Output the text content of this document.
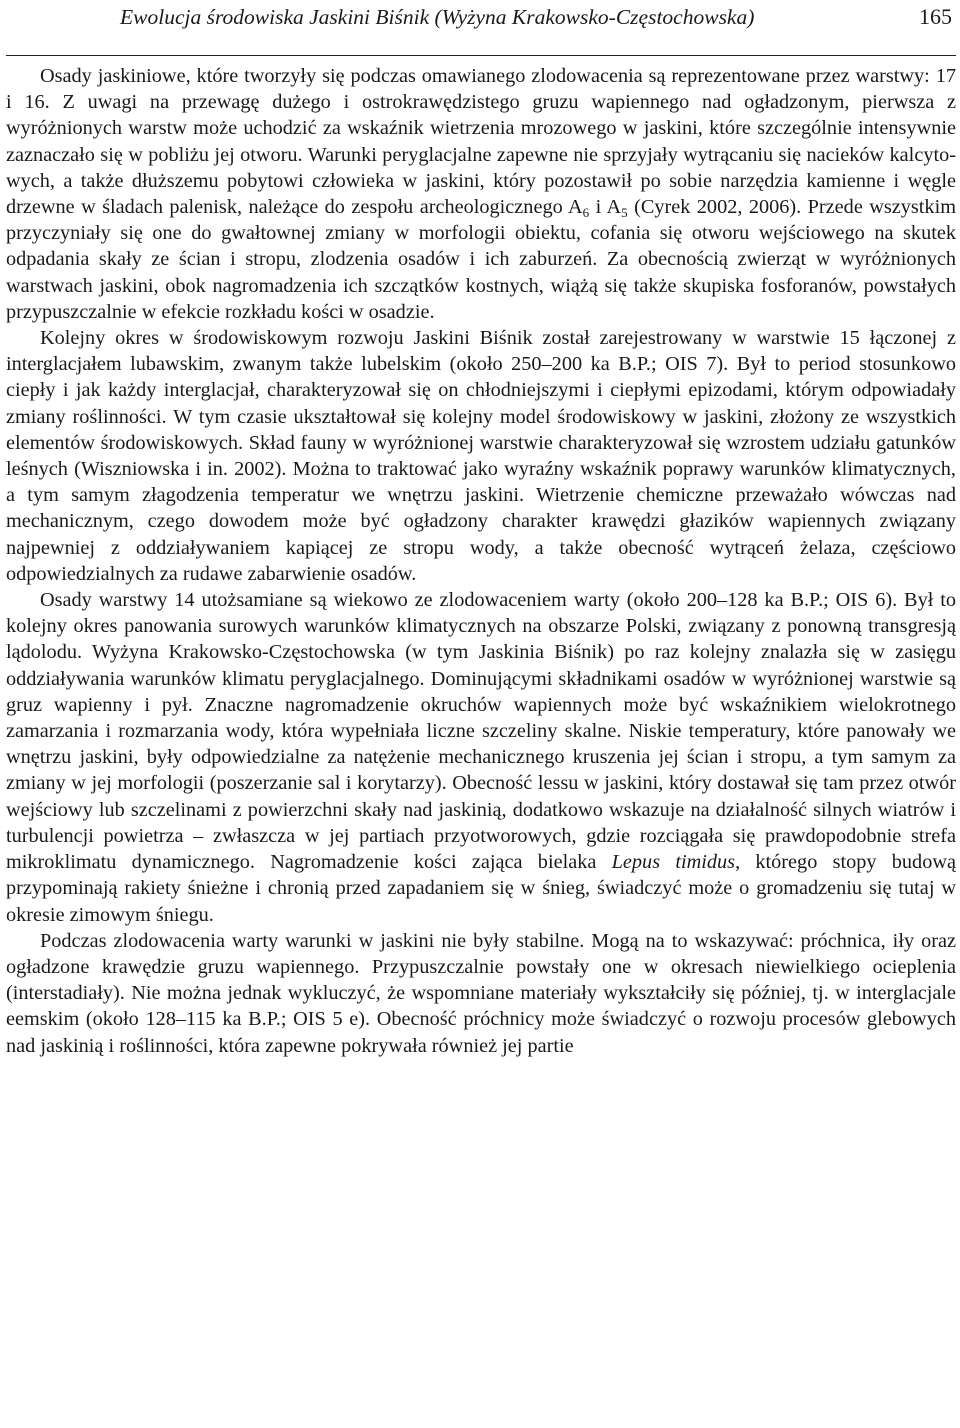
Ewolucja środowiska Jaskini Biśnik (Wyżyna Krakowsko-Częstochowska)	165

Osady jaskiniowe, które tworzyły się podczas omawianego zlodowacenia są reprezentowane przez warstwy: 17 i 16. Z uwagi na przewagę dużego i ostrokrawędzistego gruzu wapiennego nad ogładzonym, pierwsza z wyróżnionych warstw może uchodzić za wskaźnik wietrzenia mrozowego w jaskini, które szczególnie intensywnie zaznaczało się w pobliżu jej otworu. Warunki peryglacjalne zapewne nie sprzyjały wytrącaniu się nacieków kalcytowych, a także dłuższemu pobytowi człowieka w jaskini, który pozostawił po sobie narzędzia kamienne i węgle drzewne w śladach palenisk, należące do zespołu archeologicznego $A_6$ i $A_5$ (Cyrek 2002, 2006). Przede wszystkim przyczyniały się one do gwałtownej zmiany w morfologii obiektu, cofania się otworu wejściowego na skutek odpadania skały ze ścian i stropu, zlodzenia osadów i ich zaburzeń. Za obecnością zwierząt w wyróżnionych warstwach jaskini, obok nagromadzenia ich szczątków kostnych, wiążą się także skupiska fosforanów, powstałych przypuszczalnie w efekcie rozkładu kości w osadzie.

Kolejny okres w środowiskowym rozwoju Jaskini Biśnik został zarejestrowany w warstwie 15 łączonej z interglacjałem lubawskim, zwanym także lubelskim (około 250–200 ka B.P.; OIS 7). Był to period stosunkowo ciepły i jak każdy interglacjał, charakteryzował się on chłodniejszymi i ciepłymi epizodami, którym odpowiadały zmiany roślinności. W tym czasie ukształtował się kolejny model środowiskowy w jaskini, złożony ze wszystkich elementów środowiskowych. Skład fauny w wyróżnionej warstwie charakteryzował się wzrostem udziału gatunków leśnych (Wiszniowska i in. 2002). Można to traktować jako wyraźny wskaźnik poprawy warunków klimatycznych, a tym samym złagodzenia temperatur we wnętrzu jaskini. Wietrzenie chemiczne przeważało wówczas nad mechanicznym, czego dowodem może być ogładzony charakter krawędzi głazików wapiennych związany najpewniej z oddziaływaniem kapiącej ze stropu wody, a także obecność wytrąceń żelaza, częściowo odpowiedzialnych za rudawe zabarwienie osadów.

Osady warstwy 14 utożsamiane są wiekowo ze zlodowaceniem warty (około 200–128 ka B.P.; OIS 6). Był to kolejny okres panowania surowych warunków klimatycznych na obszarze Polski, związany z ponowną transgresją lądolodu. Wyżyna Krakowsko-Częstochowska (w tym Jaskinia Biśnik) po raz kolejny znalazła się w zasięgu oddziaływania warunków klimatu peryglacjalnego. Dominującymi składnikami osadów w wyróżnionej warstwie są gruz wapienny i pył. Znaczne nagromadzenie okruchów wapiennych może być wskaźnikiem wielokrotnego zamarzania i rozmarzania wody, która wypełniała liczne szczeliny skalne. Niskie temperatury, które panowały we wnętrzu jaskini, były odpowiedzialne za natężenie mechanicznego kruszenia jej ścian i stropu, a tym samym za zmiany w jej morfologii (poszerzanie sal i korytarzy). Obecność lessu w jaskini, który dostawał się tam przez otwór wejściowy lub szczelinami z powierzchni skały nad jaskinią, dodatkowo wskazuje na działalność silnych wiatrów i turbulencji powietrza – zwłaszcza w jej partiach przyotworowych, gdzie rozciągała się prawdopodobnie strefa mikroklimatu dynamicznego. Nagromadzenie kości zająca bielaka Lepus timidus, którego stopy budową przypominają rakiety śnieżne i chronią przed zapadaniem się w śnieg, świadczyć może o gromadzeniu się tutaj w okresie zimowym śniegu.

Podczas zlodowacenia warty warunki w jaskini nie były stabilne. Mogą na to wskazywać: próchnica, iły oraz ogładzone krawędzie gruzu wapiennego. Przypuszczalnie powstały one w okresach niewielkiego ocieplenia (interstadiały). Nie można jednak wykluczyć, że wspomniane materiały wykształciły się później, tj. w interglacjale eemskim (około 128–115 ka B.P.; OIS 5 e). Obecność próchnicy może świadczyć o rozwoju procesów glebowych nad jaskinią i roślinności, która zapewne pokrywała również jej partie
